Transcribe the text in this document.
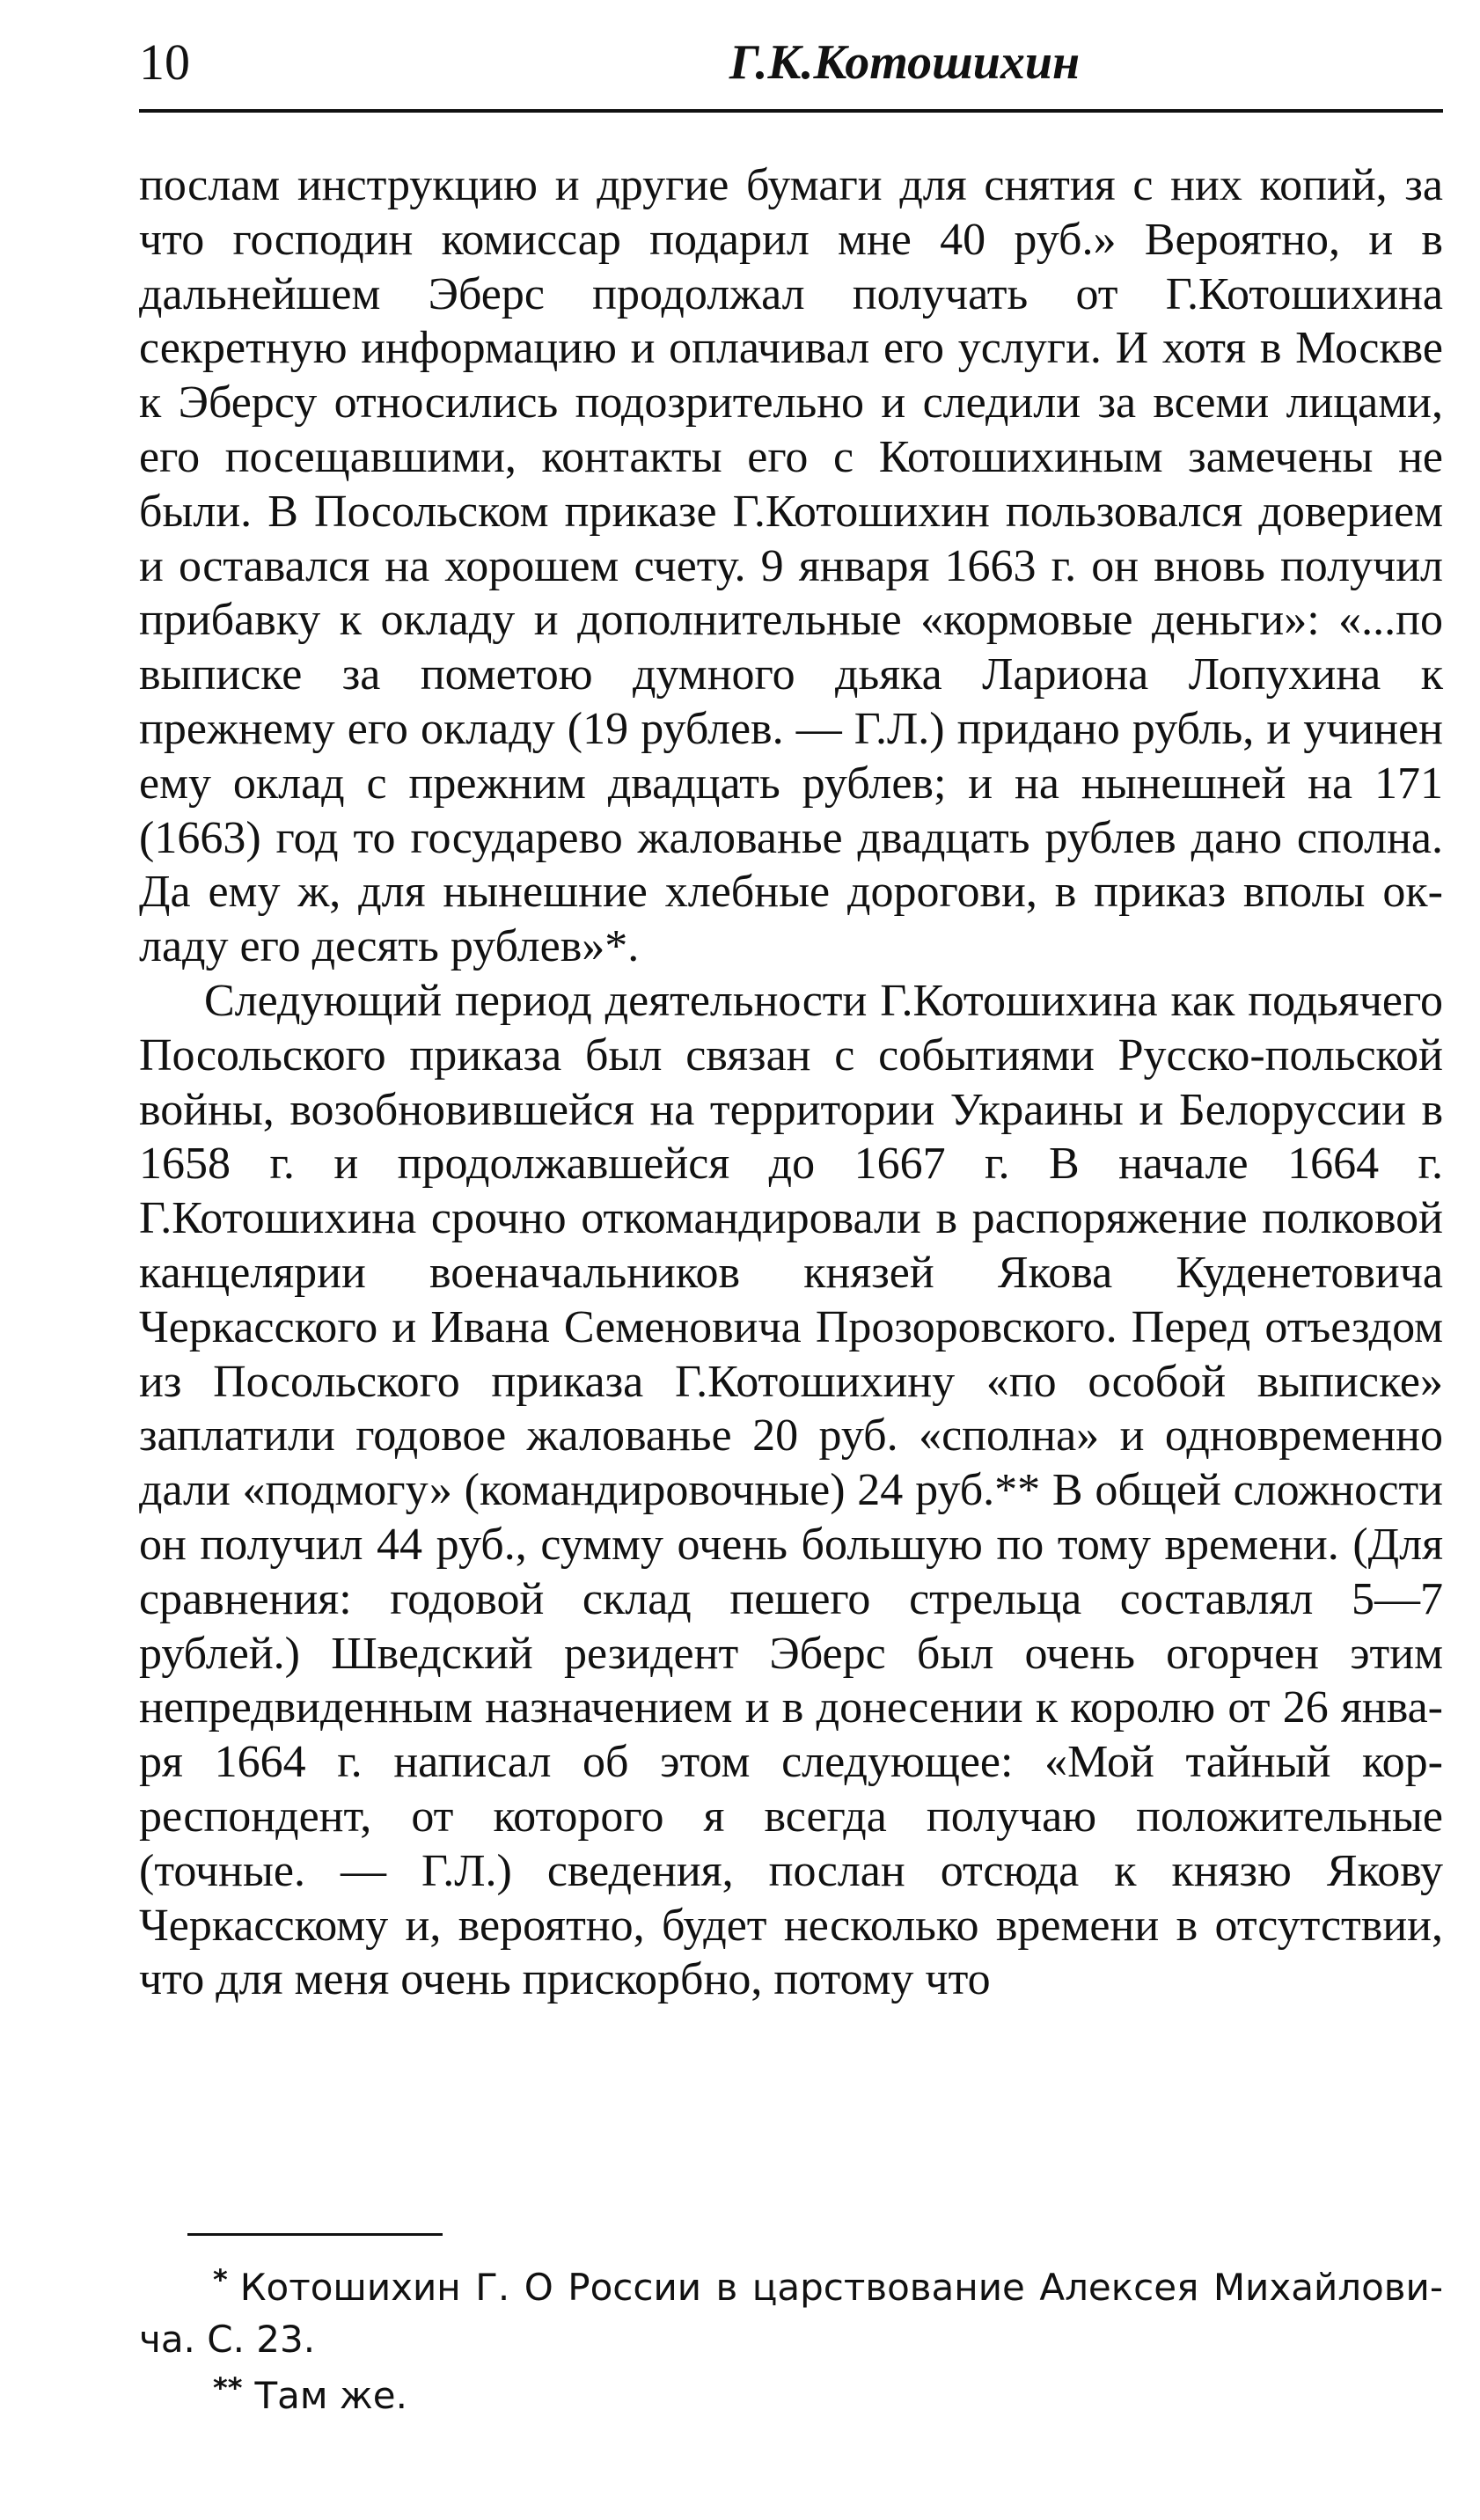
10	Г.К.Котошихин

послам инструкцию и другие бумаги для снятия с них копий, за что господин комиссар подарил мне 40 руб.» Вероятно, и в дальнейшем Эберс продолжал получать от Г.Котошихина секретную информацию и оплачивал его услуги. И хотя в Москве к Эберсу относились подозрительно и следили за всеми лицами, его посещавшими, контакты его с Котошихиным замечены не были. В Посольском приказе Г.Котошихин пользовался доверием и оставался на хорошем счету. 9 января 1663 г. он вновь получил прибавку к окладу и дополнительные «кормовые деньги»: «...по выписке за пометою думного дьяка Лариона Лопухина к прежнему его окладу (19 рублев. — Г.Л.) придано рубль, и учинен ему оклад с прежним двадцать рублев; и на нынешней на 171 (1663) год то государево жалованье двадцать рублев дано сполна. Да ему ж, для нынешние хлебные дорогови, в приказ вполы окладу его десять рублев»*.

Следующий период деятельности Г.Котошихина как подьячего Посольского приказа был связан с событиями Русско-польской войны, возобновившейся на территории Украины и Белоруссии в 1658 г. и продолжавшейся до 1667 г. В начале 1664 г. Г.Котошихина срочно откомандировали в распоряжение полковой канцелярии военaчальников князей Якова Куденетовича Черкасского и Ивана Семеновича Прозоровского. Перед отъездом из Посольского приказа Г.Котошихину «по особой выписке» заплатили годовое жалованье 20 руб. «сполна» и одновременно дали «подмогу» (командировочные) 24 руб.** В общей сложности он получил 44 руб., сумму очень большую по тому времени. (Для сравнения: годовой склад пешего стрельца составлял 5—7 рублей.) Шведский резидент Эберс был очень огорчен этим непредвиденным назначением и в донесении к королю от 26 января 1664 г. написал об этом следующее: «Мой тайный корреспондент, от которого я всегда получаю положительные (точные. — Г.Л.) сведения, послан отсюда к князю Якову Черкасскому и, вероятно, будет несколько времени в отсутствии, что для меня очень прискорбно, потому что

* Котошихин Г. О России в царствование Алексея Михайловича. С. 23.

** Там же.
